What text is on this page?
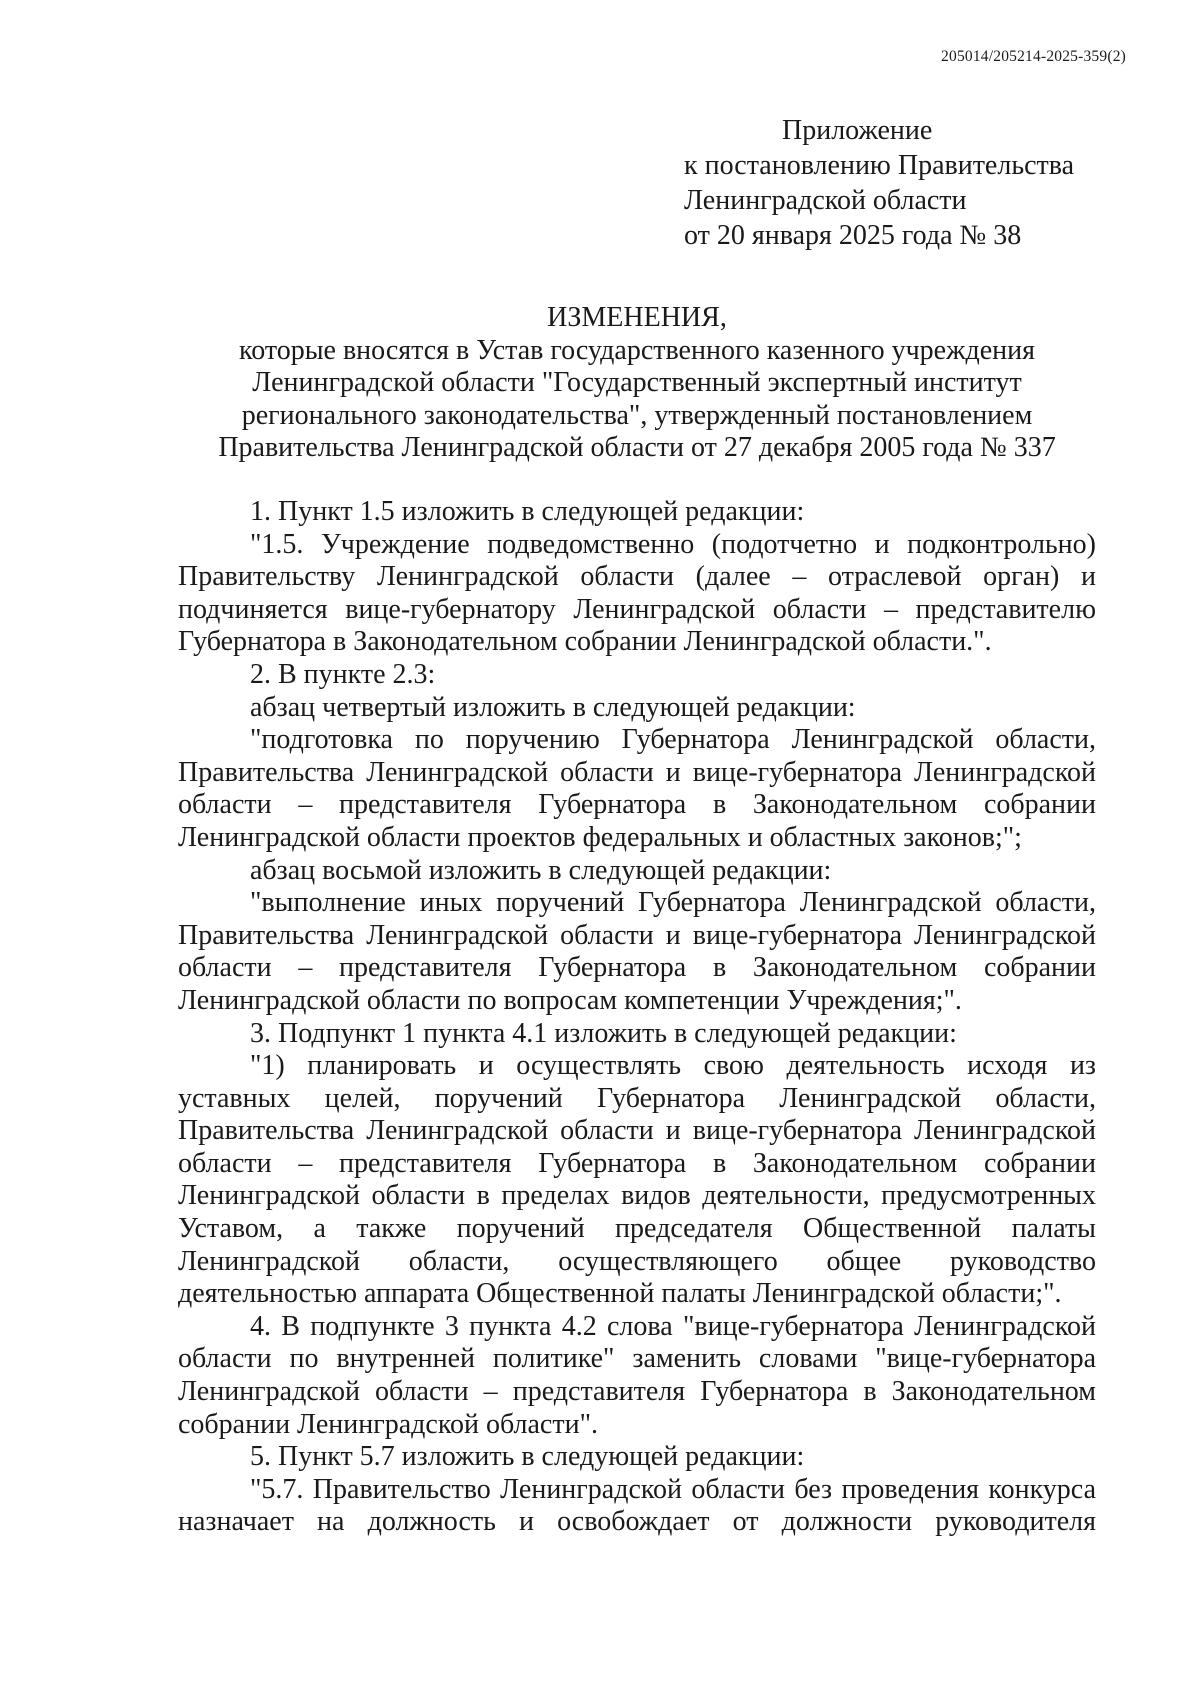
205014/205214-2025-359(2)
Приложение
к постановлению Правительства
Ленинградской области
от 20 января 2025 года № 38
ИЗМЕНЕНИЯ,
которые вносятся в Устав государственного казенного учреждения
Ленинградской области "Государственный экспертный институт
регионального законодательства", утвержденный постановлением
Правительства Ленинградской области от 27 декабря 2005 года № 337

1. Пункт 1.5 изложить в следующей редакции:

"1.5. Учреждение подведомственно (подотчетно и подконтрольно) Правительству Ленинградской области (далее – отраслевой орган) и подчиняется вице-губернатору Ленинградской области – представителю Губернатора в Законодательном собрании Ленинградской области.".

2. В пункте 2.3:

абзац четвертый изложить в следующей редакции:

"подготовка по поручению Губернатора Ленинградской области, Правительства Ленинградской области и вице-губернатора Ленинградской области – представителя Губернатора в Законодательном собрании Ленинградской области проектов федеральных и областных законов;";

абзац восьмой изложить в следующей редакции:

"выполнение иных поручений Губернатора Ленинградской области, Правительства Ленинградской области и вице-губернатора Ленинградской области – представителя Губернатора в Законодательном собрании Ленинградской области по вопросам компетенции Учреждения;".

3. Подпункт 1 пункта 4.1 изложить в следующей редакции:

"1) планировать и осуществлять свою деятельность исходя из уставных целей, поручений Губернатора Ленинградской области, Правительства Ленинградской области и вице-губернатора Ленинградской области – представителя Губернатора в Законодательном собрании Ленинградской области в пределах видов деятельности, предусмотренных Уставом, а также поручений председателя Общественной палаты Ленинградской области, осуществляющего общее руководство деятельностью аппарата Общественной палаты Ленинградской области;".

4. В подпункте 3 пункта 4.2 слова "вице-губернатора Ленинградской области по внутренней политике" заменить словами "вице-губернатора Ленинградской области – представителя Губернатора в Законодательном собрании Ленинградской области".

5. Пункт 5.7 изложить в следующей редакции:

"5.7. Правительство Ленинградской области без проведения конкурса назначает на должность и освобождает от должности руководителя
